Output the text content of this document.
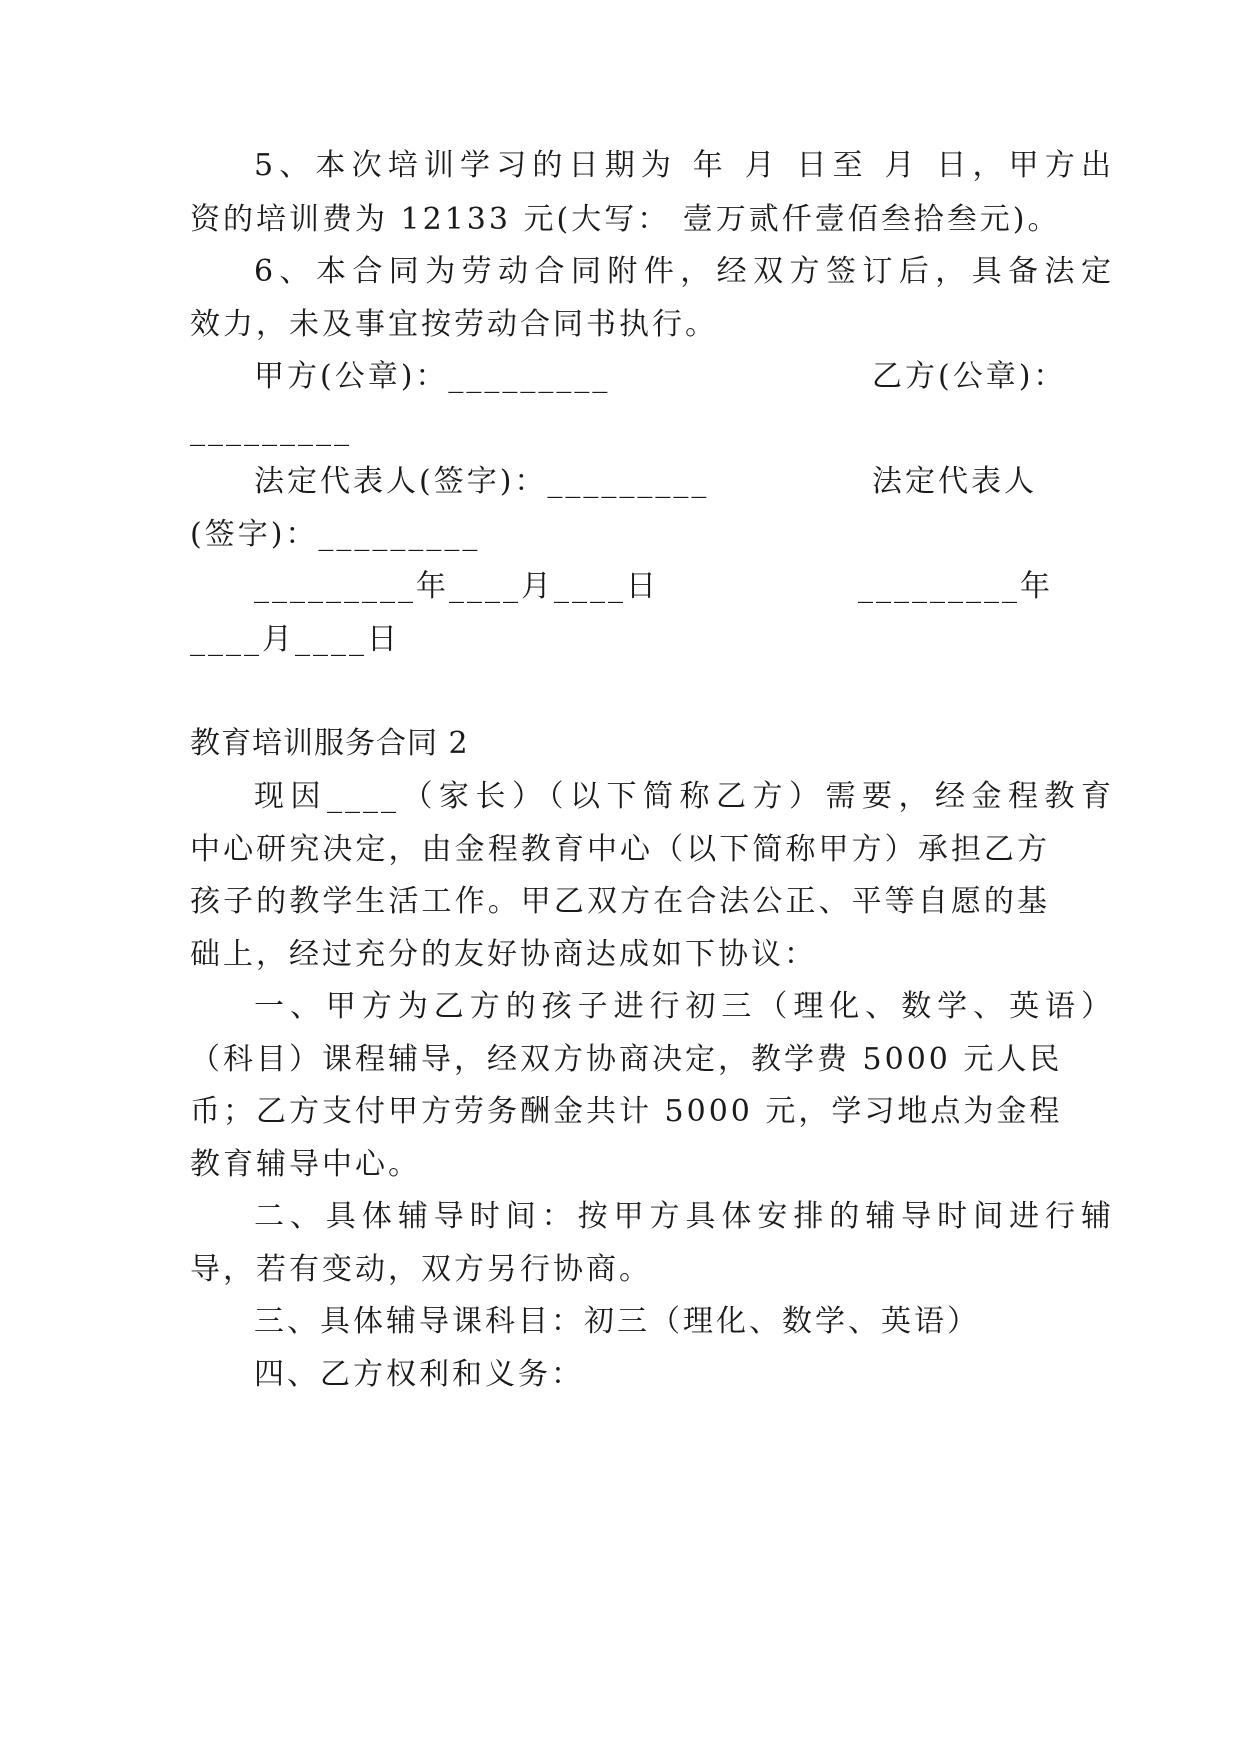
5、本次培训学习的日期为 年 月 日至 月 日，甲方出
资的培训费为 12133 元(大写： 壹万贰仟壹佰叁拾叁元)。
6、本合同为劳动合同附件，经双方签订后，具备法定
效力，未及事宜按劳动合同书执行。
甲方(公章)：_________	乙方(公章)：
_________
法定代表人(签字)：_________	法定代表人
(签字)：_________
_________年____月____日	_________年
____月____日
教育培训服务合同 2
现因____（家长）（以下简称乙方）需要，经金程教育
中心研究决定，由金程教育中心（以下简称甲方）承担乙方
孩子的教学生活工作。甲乙双方在合法公正、平等自愿的基
础上，经过充分的友好协商达成如下协议：
一、甲方为乙方的孩子进行初三（理化、数学、英语）
（科目）课程辅导，经双方协商决定，教学费 5000 元人民
币；乙方支付甲方劳务酬金共计 5000 元，学习地点为金程
教育辅导中心。
二、具体辅导时间：按甲方具体安排的辅导时间进行辅
导，若有变动，双方另行协商。
三、具体辅导课科目：初三（理化、数学、英语）
四、乙方权利和义务：
